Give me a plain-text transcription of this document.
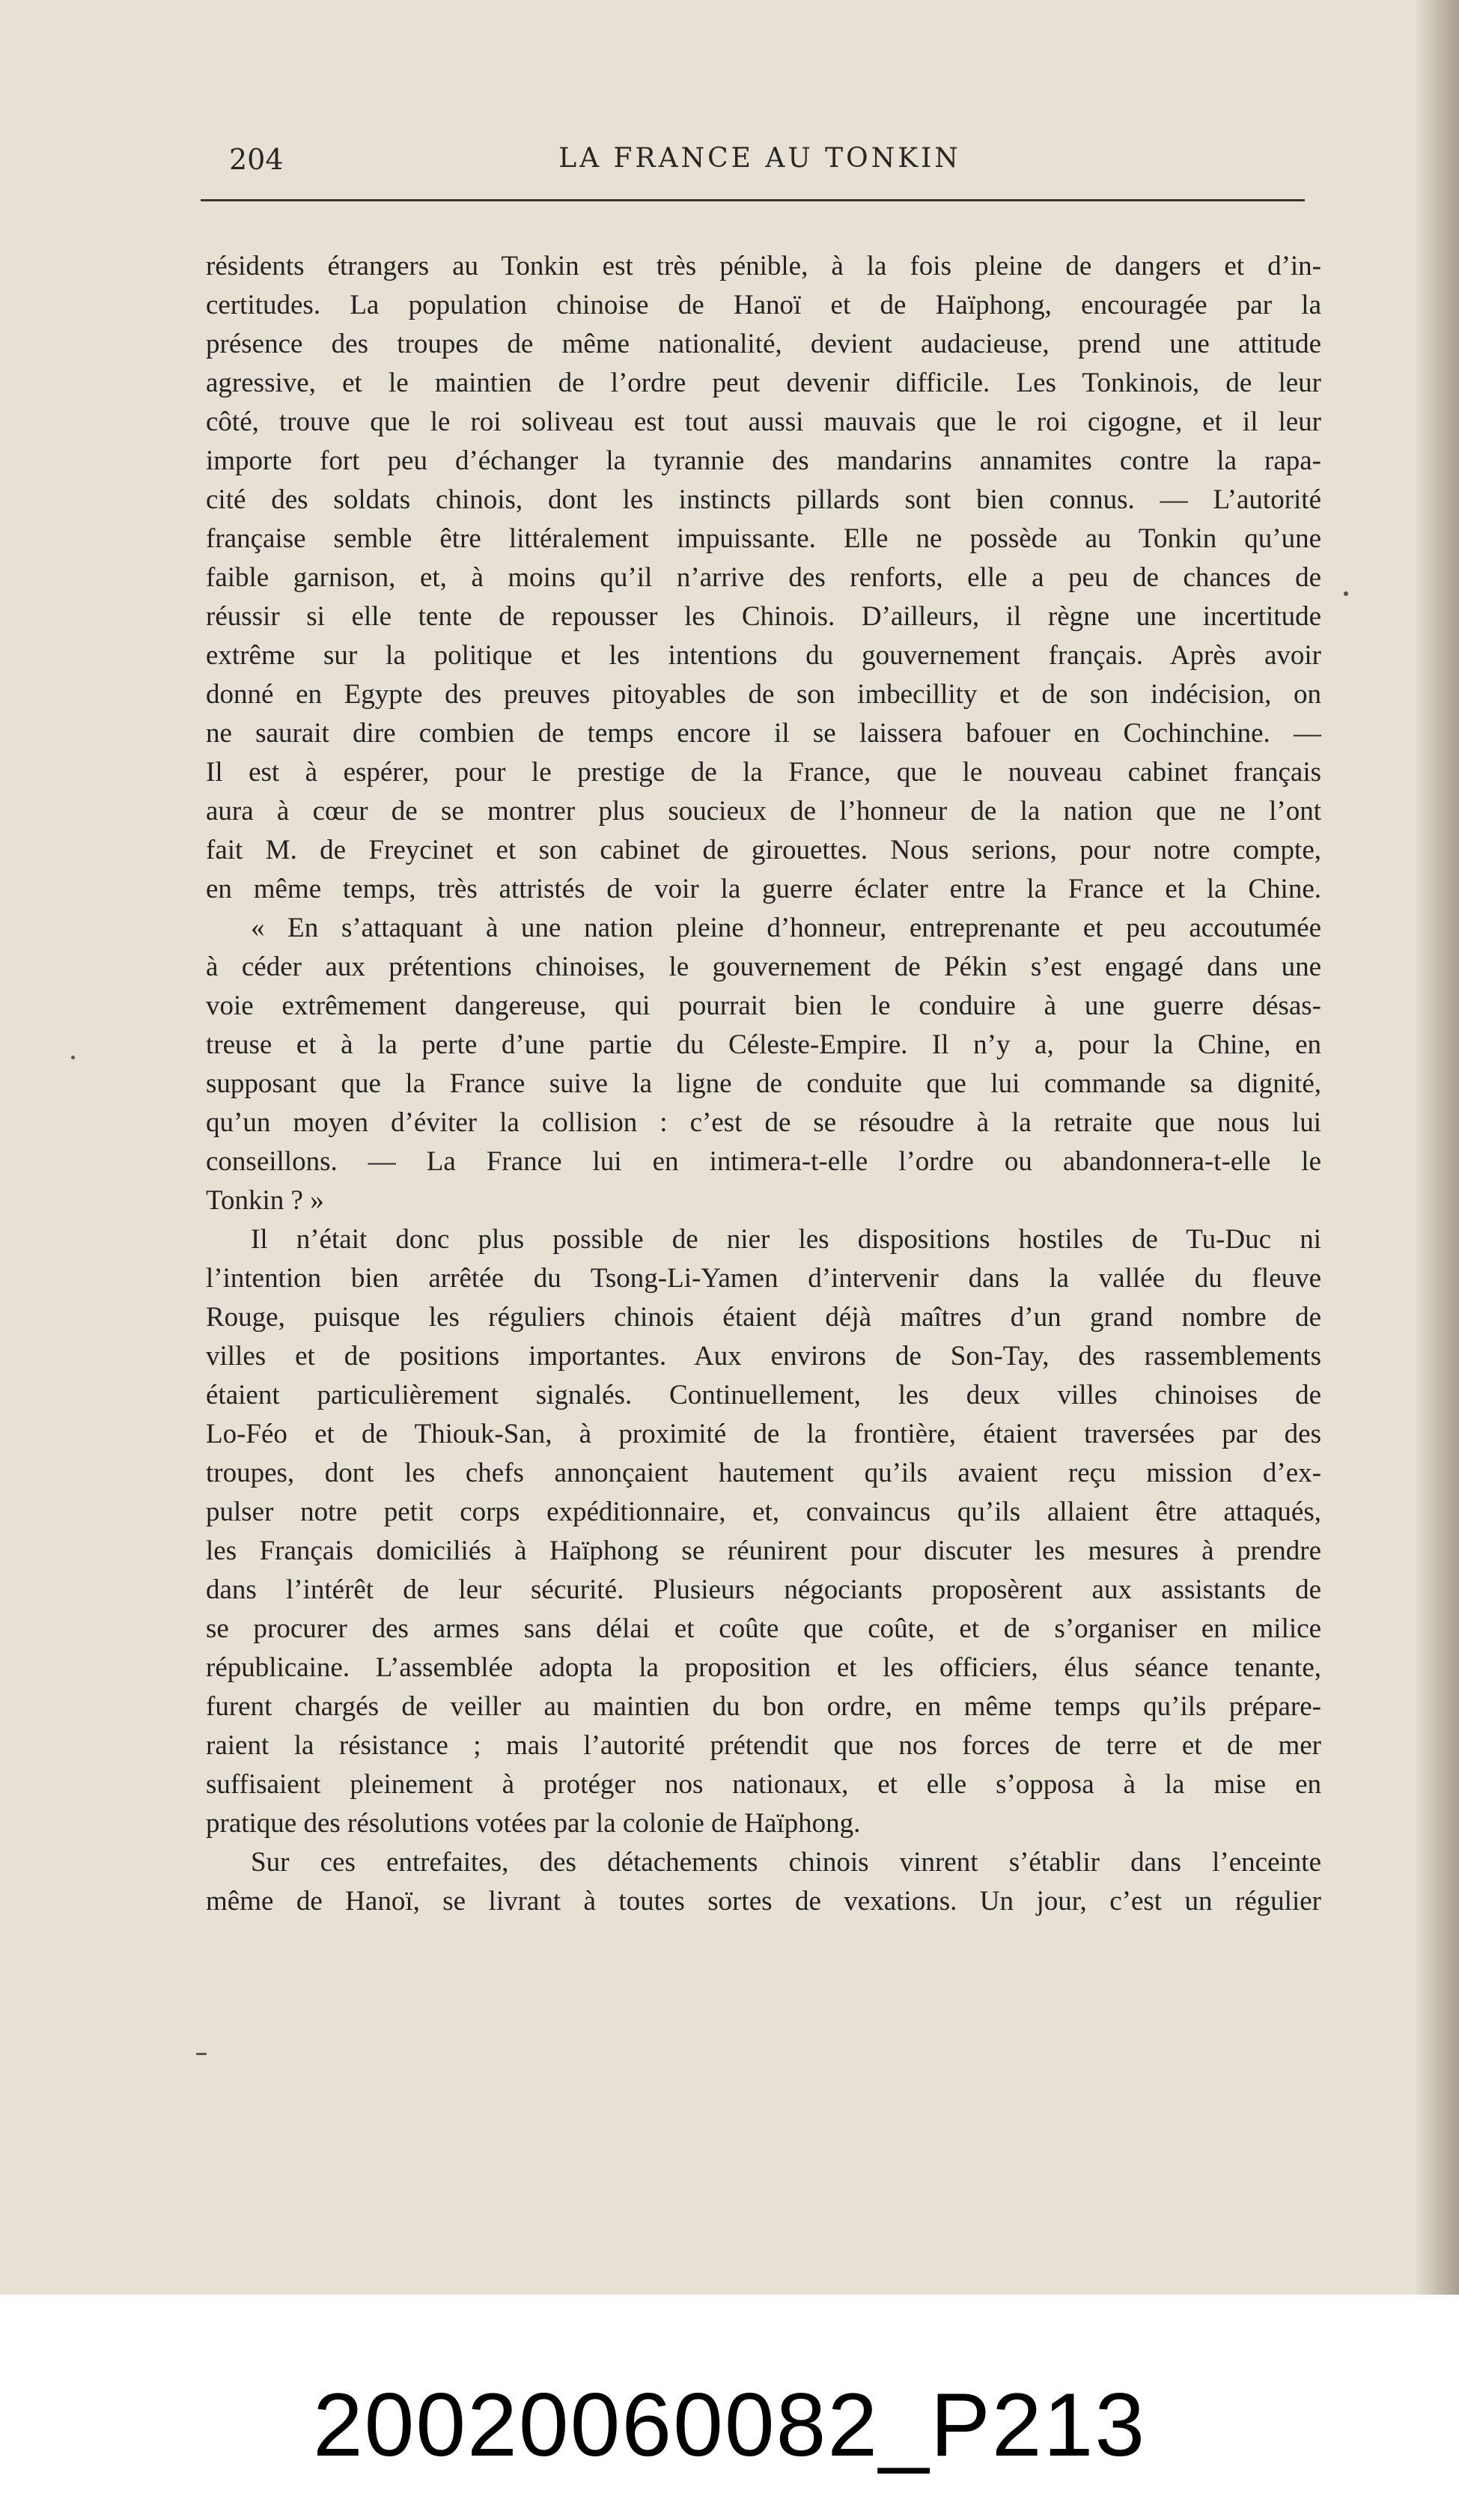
204	LA FRANCE AU TONKIN
résidents étrangers au Tonkin est très pénible, à la fois pleine de dangers et d’in-
certitudes. La population chinoise de Hanoï et de Haïphong, encouragée par la
présence des troupes de même nationalité, devient audacieuse, prend une attitude
agressive, et le maintien de l’ordre peut devenir difficile. Les Tonkinois, de leur
côté, trouve que le roi soliveau est tout aussi mauvais que le roi cigogne, et il leur
importe fort peu d’échanger la tyrannie des mandarins annamites contre la rapa-
cité des soldats chinois, dont les instincts pillards sont bien connus. — L’autorité
française semble être littéralement impuissante. Elle ne possède au Tonkin qu’une
faible garnison, et, à moins qu’il n’arrive des renforts, elle a peu de chances de
réussir si elle tente de repousser les Chinois. D’ailleurs, il règne une incertitude
extrême sur la politique et les intentions du gouvernement français. Après avoir
donné en Egypte des preuves pitoyables de son imbecillity et de son indécision, on
ne saurait dire combien de temps encore il se laissera bafouer en Cochinchine. —
Il est à espérer, pour le prestige de la France, que le nouveau cabinet français
aura à cœur de se montrer plus soucieux de l’honneur de la nation que ne l’ont
fait M. de Freycinet et son cabinet de girouettes. Nous serions, pour notre compte,
en même temps, très attristés de voir la guerre éclater entre la France et la Chine.
« En s’attaquant à une nation pleine d’honneur, entreprenante et peu accoutumée
à céder aux prétentions chinoises, le gouvernement de Pékin s’est engagé dans une
voie extrêmement dangereuse, qui pourrait bien le conduire à une guerre désas-
treuse et à la perte d’une partie du Céleste-Empire. Il n’y a, pour la Chine, en
supposant que la France suive la ligne de conduite que lui commande sa dignité,
qu’un moyen d’éviter la collision : c’est de se résoudre à la retraite que nous lui
conseillons. — La France lui en intimera-t-elle l’ordre ou abandonnera-t-elle le
Tonkin ? »
Il n’était donc plus possible de nier les dispositions hostiles de Tu-Duc ni
l’intention bien arrêtée du Tsong-Li-Yamen d’intervenir dans la vallée du fleuve
Rouge, puisque les réguliers chinois étaient déjà maîtres d’un grand nombre de
villes et de positions importantes. Aux environs de Son-Tay, des rassemblements
étaient particulièrement signalés. Continuellement, les deux villes chinoises de
Lo-Féo et de Thiouk-San, à proximité de la frontière, étaient traversées par des
troupes, dont les chefs annonçaient hautement qu’ils avaient reçu mission d’ex-
pulser notre petit corps expéditionnaire, et, convaincus qu’ils allaient être attaqués,
les Français domiciliés à Haïphong se réunirent pour discuter les mesures à prendre
dans l’intérêt de leur sécurité. Plusieurs négociants proposèrent aux assistants de
se procurer des armes sans délai et coûte que coûte, et de s’organiser en milice
républicaine. L’assemblée adopta la proposition et les officiers, élus séance tenante,
furent chargés de veiller au maintien du bon ordre, en même temps qu’ils prépare-
raient la résistance ; mais l’autorité prétendit que nos forces de terre et de mer
suffisaient pleinement à protéger nos nationaux, et elle s’opposa à la mise en
pratique des résolutions votées par la colonie de Haïphong.
Sur ces entrefaites, des détachements chinois vinrent s’établir dans l’enceinte
même de Hanoï, se livrant à toutes sortes de vexations. Un jour, c’est un régulier
20020060082_P213
